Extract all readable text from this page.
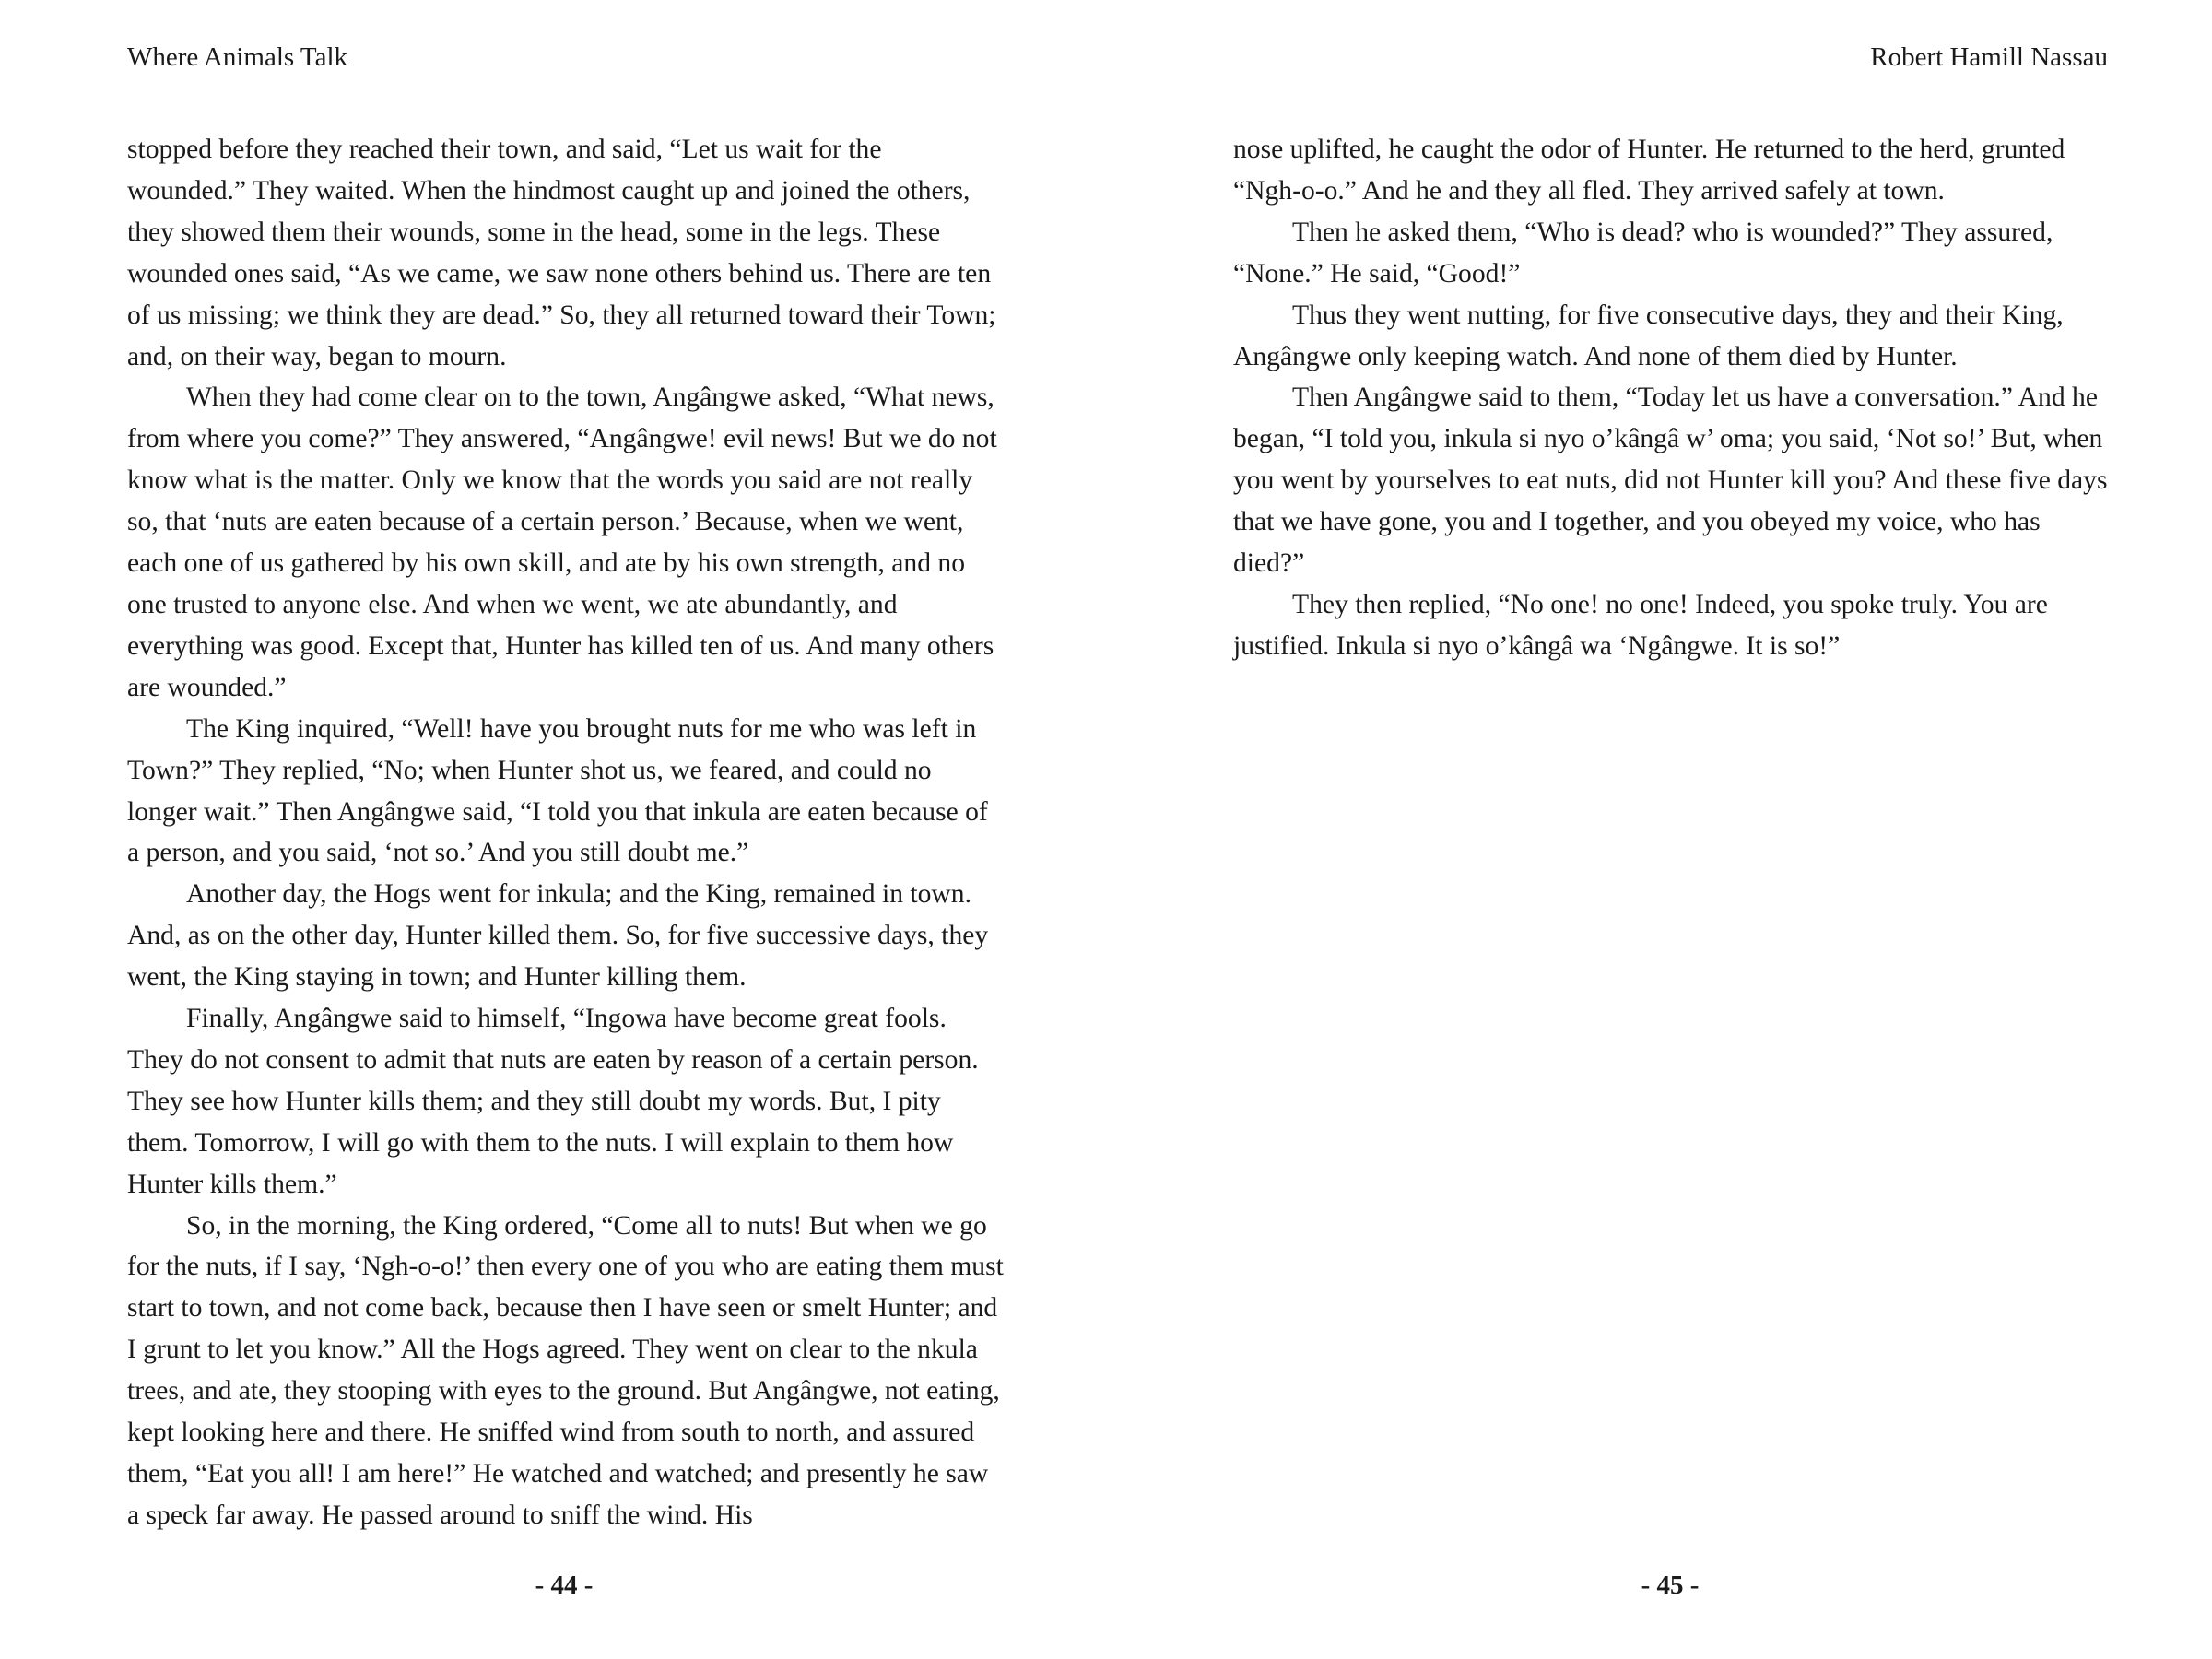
Where Animals Talk

stopped before they reached their town, and said, “Let us wait for the wounded.” They waited. When the hindmost caught up and joined the others, they showed them their wounds, some in the head, some in the legs. These wounded ones said, “As we came, we saw none others behind us. There are ten of us missing; we think they are dead.” So, they all returned toward their Town; and, on their way, began to mourn.

When they had come clear on to the town, Angângwe asked, “What news, from where you come?” They answered, “Angângwe! evil news! But we do not know what is the matter. Only we know that the words you said are not really so, that ‘nuts are eaten because of a certain person.’ Because, when we went, each one of us gathered by his own skill, and ate by his own strength, and no one trusted to anyone else. And when we went, we ate abundantly, and everything was good. Except that, Hunter has killed ten of us. And many others are wounded.”

The King inquired, “Well! have you brought nuts for me who was left in Town?” They replied, “No; when Hunter shot us, we feared, and could no longer wait.” Then Angângwe said, “I told you that inkula are eaten because of a person, and you said, ‘not so.’ And you still doubt me.”

Another day, the Hogs went for inkula; and the King, remained in town. And, as on the other day, Hunter killed them. So, for five successive days, they went, the King staying in town; and Hunter killing them.

Finally, Angângwe said to himself, “Ingowa have become great fools. They do not consent to admit that nuts are eaten by reason of a certain person. They see how Hunter kills them; and they still doubt my words. But, I pity them. Tomorrow, I will go with them to the nuts. I will explain to them how Hunter kills them.”

So, in the morning, the King ordered, “Come all to nuts! But when we go for the nuts, if I say, ‘Ngh-o-o!’ then every one of you who are eating them must start to town, and not come back, because then I have seen or smelt Hunter; and I grunt to let you know.” All the Hogs agreed. They went on clear to the nkula trees, and ate, they stooping with eyes to the ground. But Angângwe, not eating, kept looking here and there. He sniffed wind from south to north, and assured them, “Eat you all! I am here!” He watched and watched; and presently he saw a speck far away. He passed around to sniff the wind. His

- 44 -
Robert Hamill Nassau

nose uplifted, he caught the odor of Hunter. He returned to the herd, grunted “Ngh-o-o.” And he and they all fled. They arrived safely at town.

Then he asked them, “Who is dead? who is wounded?” They assured, “None.” He said, “Good!”

Thus they went nutting, for five consecutive days, they and their King, Angângwe only keeping watch. And none of them died by Hunter.

Then Angângwe said to them, “Today let us have a conversation.” And he began, “I told you, inkula si nyo o’kângâ w’ oma; you said, ‘Not so!’ But, when you went by yourselves to eat nuts, did not Hunter kill you? And these five days that we have gone, you and I together, and you obeyed my voice, who has died?”

They then replied, “No one! no one! Indeed, you spoke truly. You are justified. Inkula si nyo o’kângâ wa ‘Ngângwe. It is so!”

- 45 -
